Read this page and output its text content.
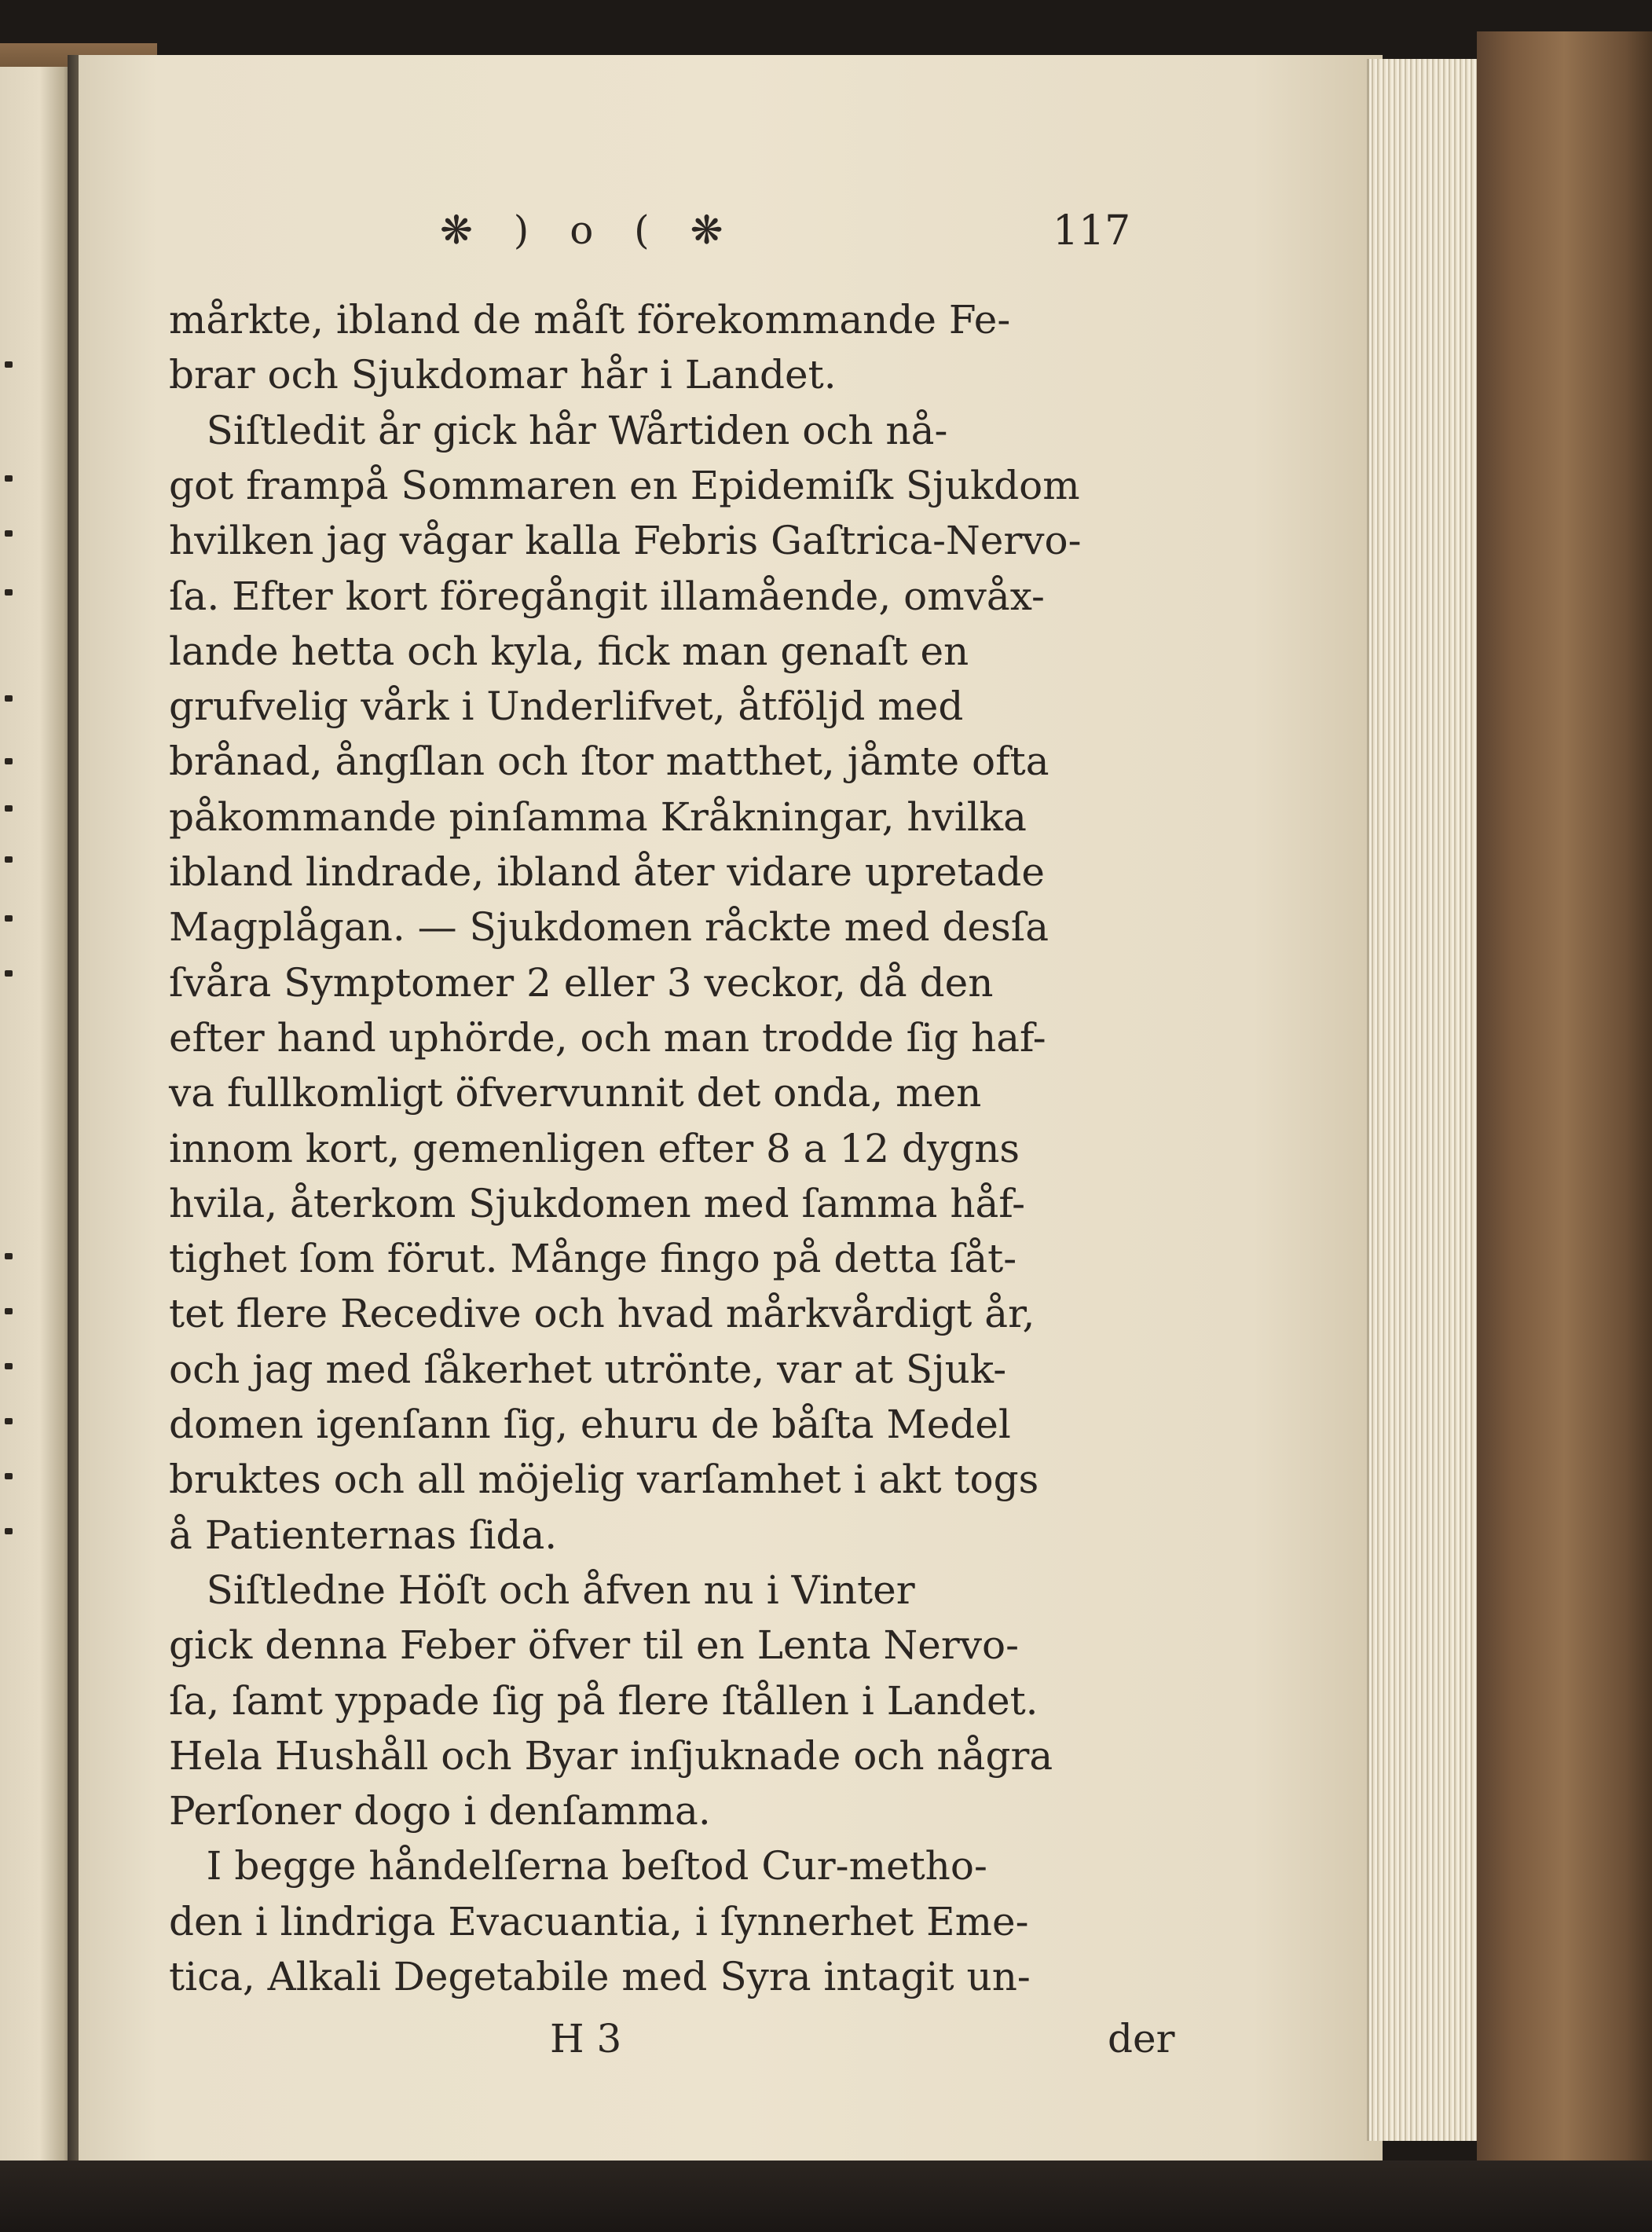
❋ ) o ( ❋	117
mårkte, ibland de måſt förekommande Fe-
brar och Sjukdomar hår i Landet.
Siſtledit år gick hår Wårtiden och nå-
got frampå Sommaren en Epidemiſk Sjukdom
hvilken jag vågar kalla Febris Gaſtrica-Nervo-
ſa. Efter kort föregångit illamående, omvåx-
lande hetta och kyla, fick man genaſt en
grufvelig vårk i Underlifvet, åtföljd med
brånad, ångſlan och ſtor matthet, jåmte ofta
påkommande pinſamma Kråkningar, hvilka
ibland lindrade, ibland åter vidare upretade
Magplågan. — Sjukdomen råckte med desſa
ſvåra Symptomer 2 eller 3 veckor, då den
efter hand uphörde, och man trodde ſig haf-
va fullkomligt öfvervunnit det onda, men
innom kort, gemenligen efter 8 a 12 dygns
hvila, återkom Sjukdomen med ſamma håf-
tighet ſom förut. Månge fingo på detta ſåt-
tet flere Recedive och hvad mårkvårdigt år,
och jag med ſåkerhet utrönte, var at Sjuk-
domen igenſann ſig, ehuru de båſta Medel
bruktes och all möjelig varſamhet i akt togs
å Patienternas ſida.
Siſtledne Höſt och åfven nu i Vinter
gick denna Feber öfver til en Lenta Nervo-
ſa, ſamt yppade ſig på flere ſtållen i Landet.
Hela Hushåll och Byar inſjuknade och några
Perſoner dogo i denſamma.
I begge håndelſerna beſtod Cur-metho-
den i lindriga Evacuantia, i ſynnerhet Eme-
tica, Alkali Degetabile med Syra intagit un-
H 3	der
